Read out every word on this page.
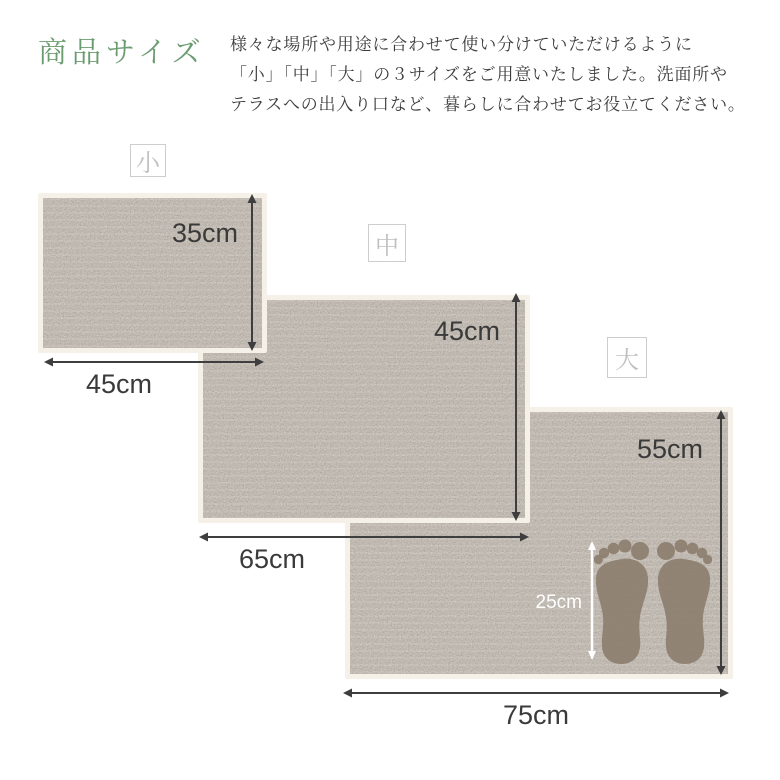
商品サイズ 様々な場所や用途に合わせて使い分けていただけるように
「小」「中」「大」の３サイズをご用意いたしました。洗面所や
テラスへの出入り口など、暮らしに合わせてお役立てください。
小
中
大
35cm
45cm
45cm
65cm
55cm
75cm
25cm
